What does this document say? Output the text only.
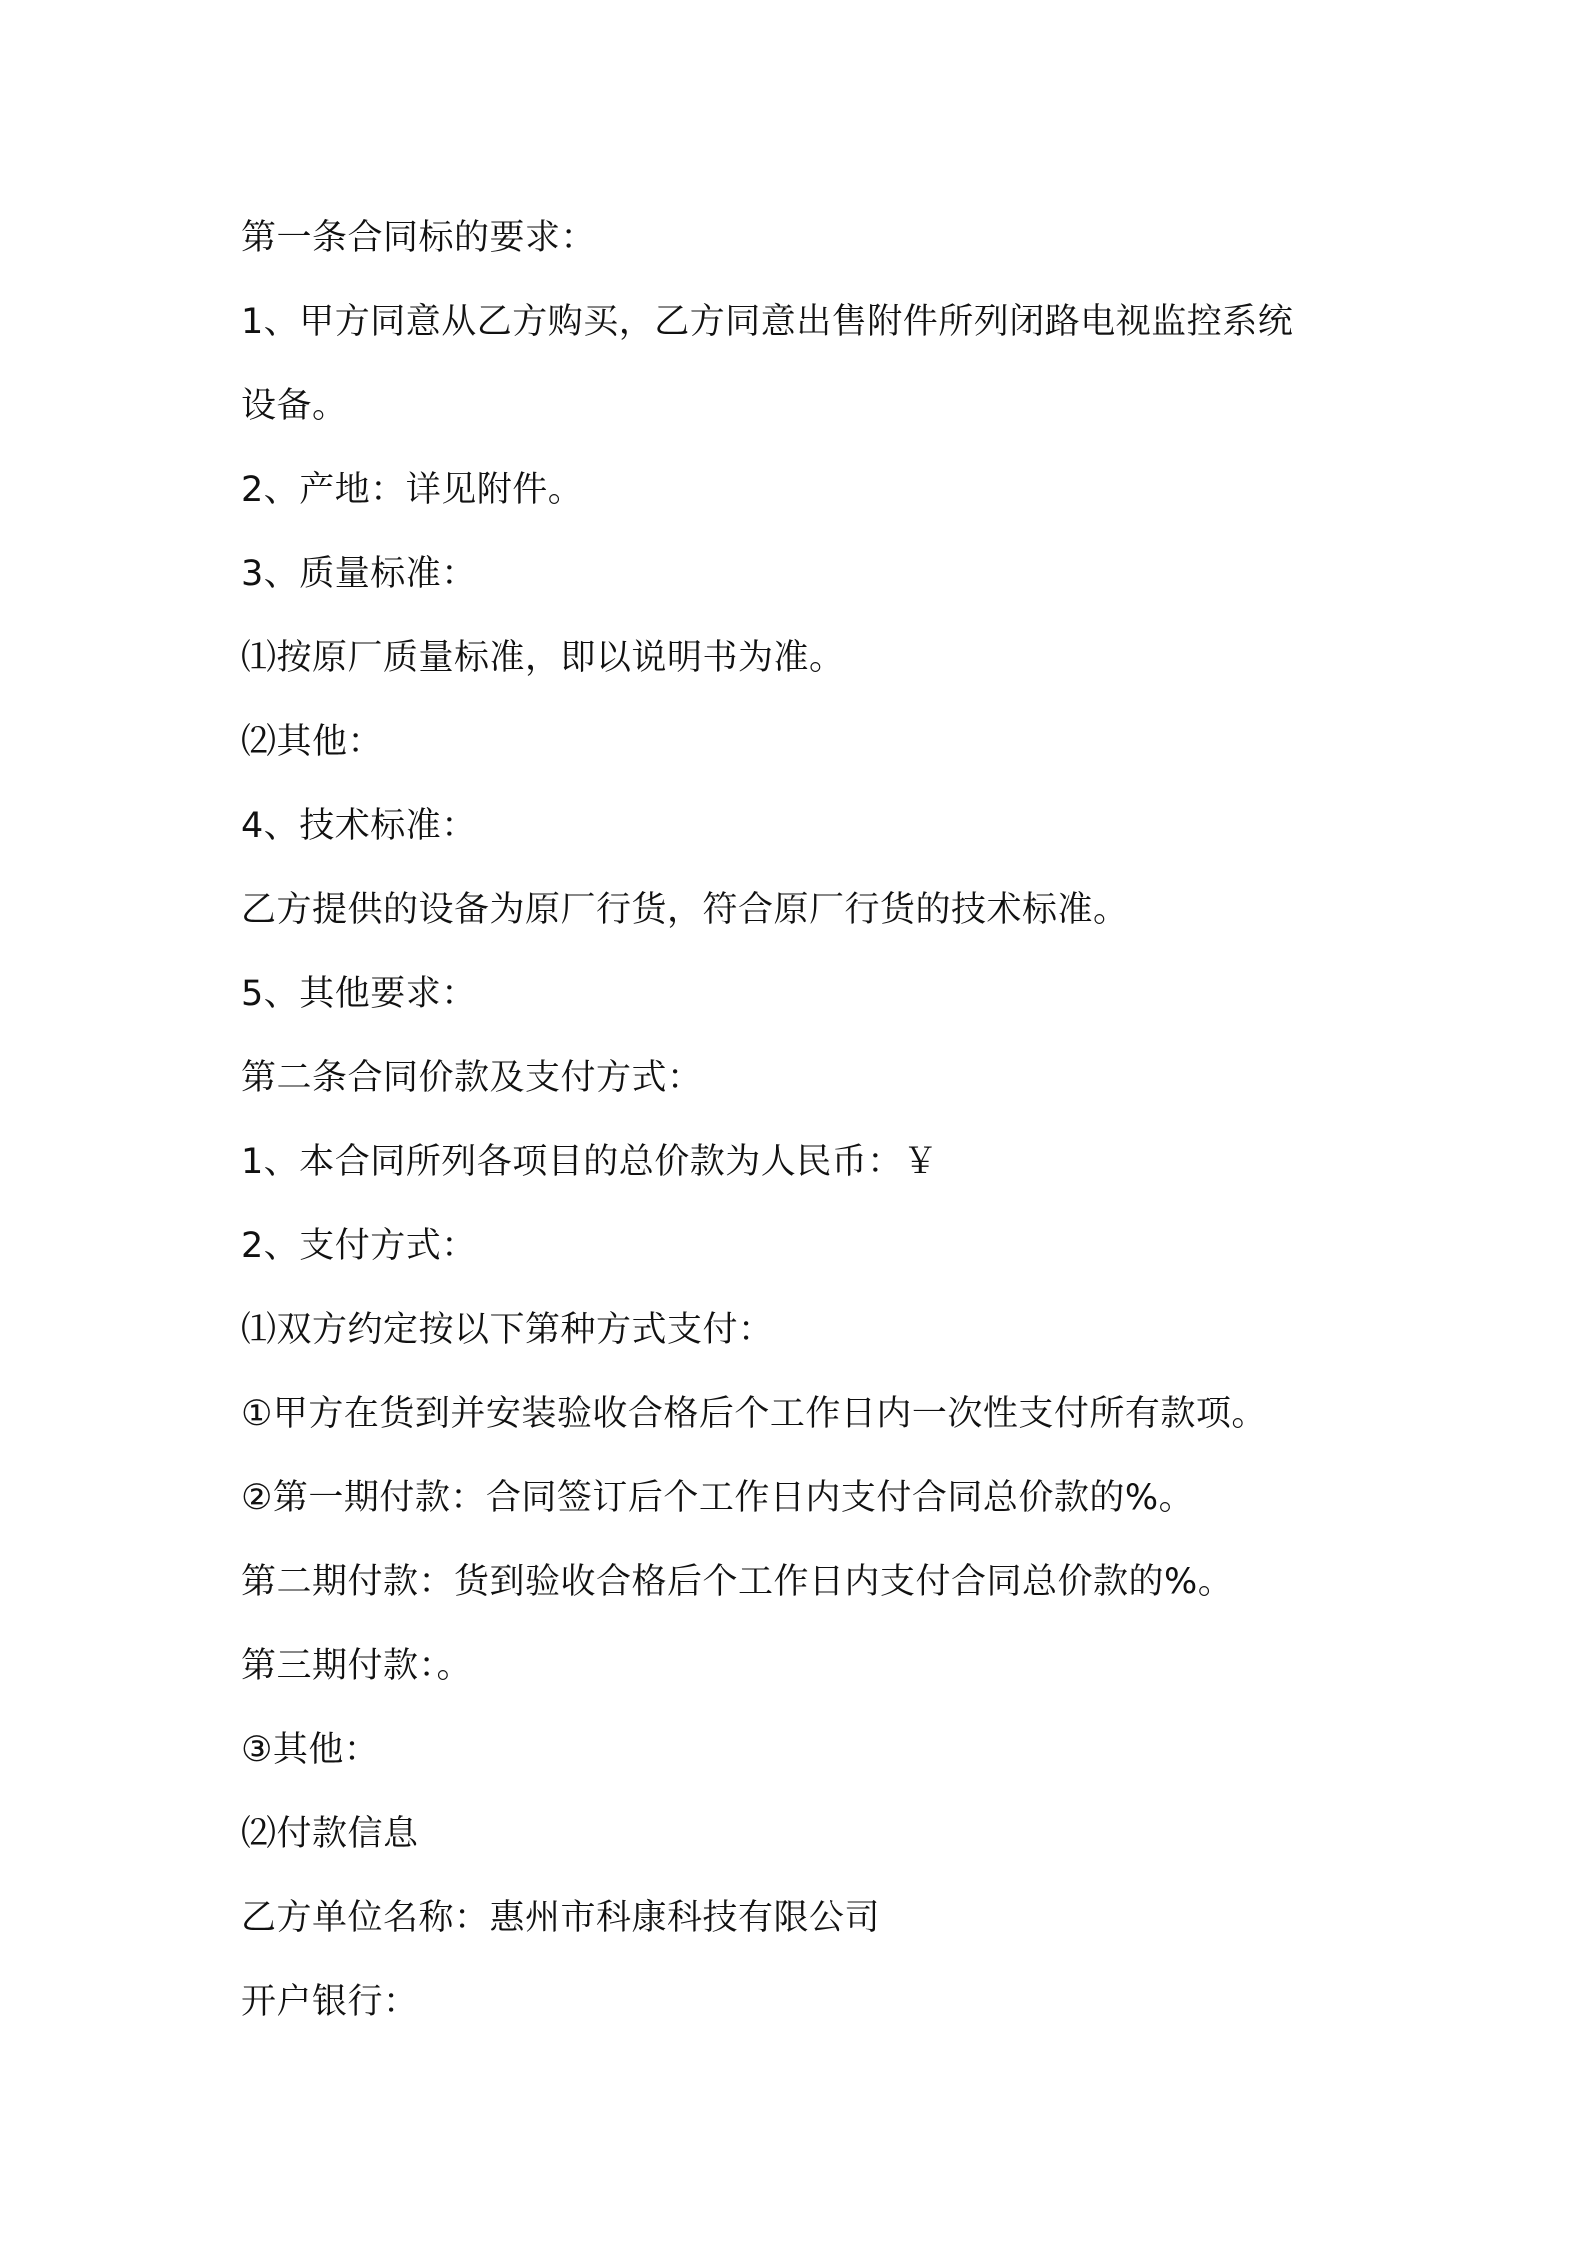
第一条合同标的要求：
1、甲方同意从乙方购买，乙方同意出售附件所列闭路电视监控系统
设备。
2、产地：详见附件。
3、质量标准：
⑴按原厂质量标准，即以说明书为准。
⑵其他：
4、技术标准：
乙方提供的设备为原厂行货，符合原厂行货的技术标准。
5、其他要求：
第二条合同价款及支付方式：
1、本合同所列各项目的总价款为人民币：￥
2、支付方式：
⑴双方约定按以下第种方式支付：
①甲方在货到并安装验收合格后个工作日内一次性支付所有款项。
②第一期付款：合同签订后个工作日内支付合同总价款的%。
第二期付款：货到验收合格后个工作日内支付合同总价款的%。
第三期付款：。
③其他：
⑵付款信息
乙方单位名称：惠州市科康科技有限公司
开户银行：
